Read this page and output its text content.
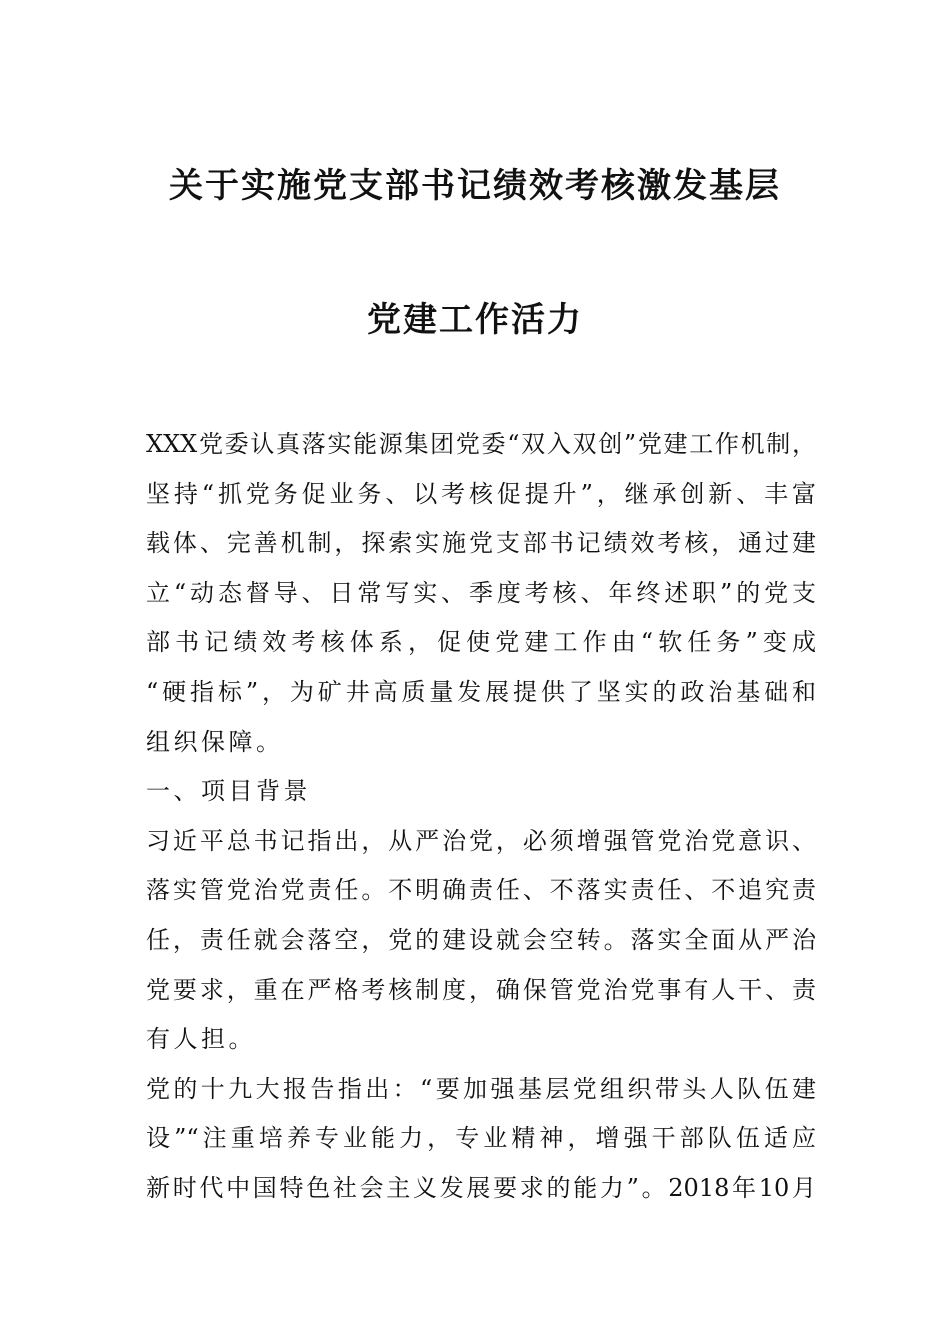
关于实施党支部书记绩效考核激发基层
党建工作活力
XXX党委认真落实能源集团党委“双入双创”党建工作机制，
坚持“抓党务促业务、以考核促提升”，继承创新、丰富
载体、完善机制，探索实施党支部书记绩效考核，通过建
立“动态督导、日常写实、季度考核、年终述职”的党支
部书记绩效考核体系，促使党建工作由“软任务”变成
“硬指标”，为矿井高质量发展提供了坚实的政治基础和
组织保障。
一、项目背景
习近平总书记指出，从严治党，必须增强管党治党意识、
落实管党治党责任。不明确责任、不落实责任、不追究责
任，责任就会落空，党的建设就会空转。落实全面从严治
党要求，重在严格考核制度，确保管党治党事有人干、责
有人担。
党的十九大报告指出：“要加强基层党组织带头人队伍建
设”“注重培养专业能力，专业精神，增强干部队伍适应
新时代中国特色社会主义发展要求的能力”。2018年10月
